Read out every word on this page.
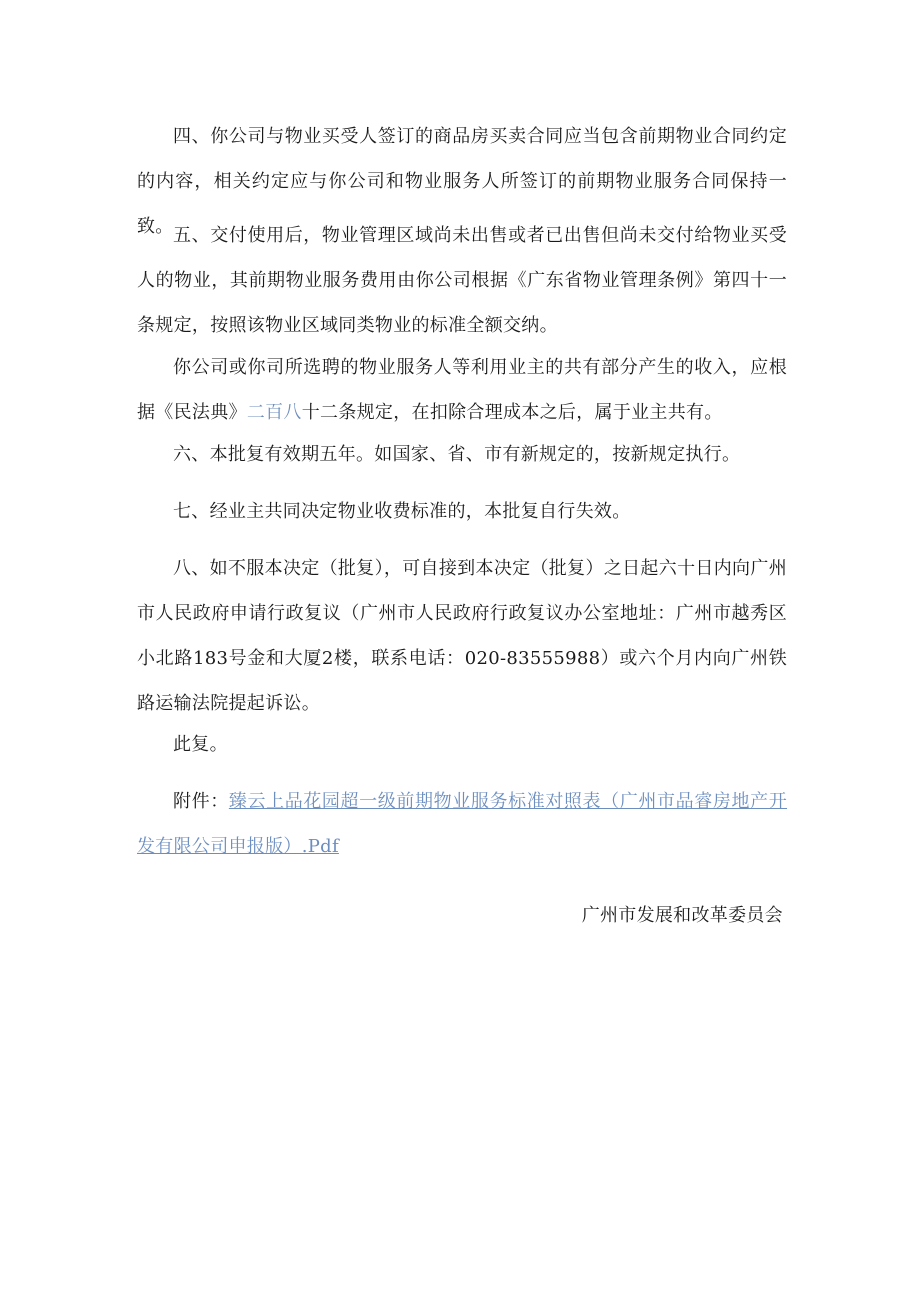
四、你公司与物业买受人签订的商品房买卖合同应当包含前期物业合同约定的内容，相关约定应与你公司和物业服务人所签订的前期物业服务合同保持一致。 五、交付使用后，物业管理区域尚未出售或者已出售但尚未交付给物业买受人的物业，其前期物业服务费用由你公司根据《广东省物业管理条例》第四十一条规定，按照该物业区域同类物业的标准全额交纳。

你公司或你司所选聘的物业服务人等利用业主的共有部分产生的收入，应根据《民法典》二百八十二条规定，在扣除合理成本之后，属于业主共有。

六、本批复有效期五年。如国家、省、市有新规定的，按新规定执行。

七、经业主共同决定物业收费标准的，本批复自行失效。

八、如不服本决定（批复），可自接到本决定（批复）之日起六十日内向广州市人民政府申请行政复议（广州市人民政府行政复议办公室地址：广州市越秀区小北路183号金和大厦2楼，联系电话：020-83555988）或六个月内向广州铁路运输法院提起诉讼。

此复。

附件：臻云上品花园超一级前期物业服务标准对照表（广州市品睿房地产开发有限公司申报版）.Pdf

广州市发展和改革委员会
